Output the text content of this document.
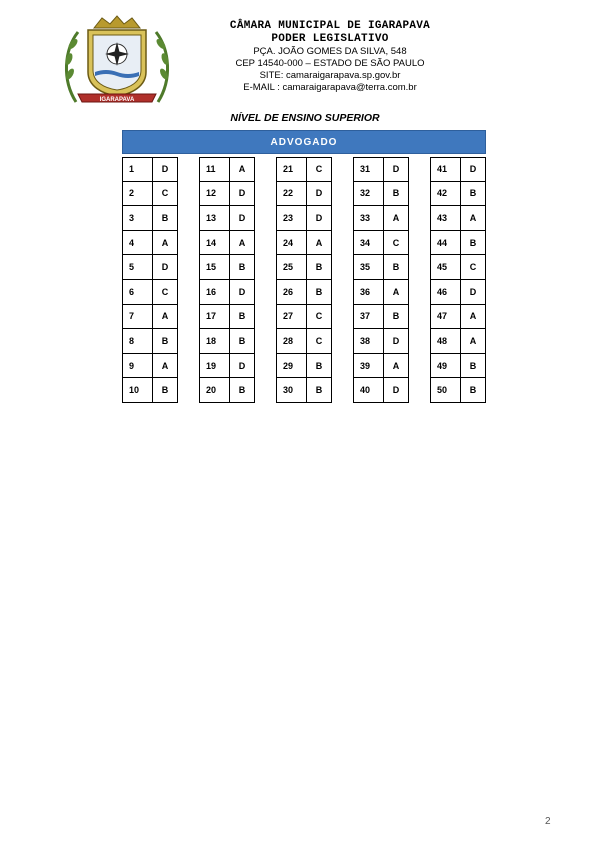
IGARAPAVA
CÂMARA MUNICIPAL DE IGARAPAVA
PODER LEGISLATIVO
PÇA. JOÃO GOMES DA SILVA, 548
CEP 14540-000 – ESTADO DE SÃO PAULO
SITE: camaraigarapava.sp.gov.br
E-MAIL : camaraigarapava@terra.com.br
NÍVEL DE ENSINO SUPERIOR
ADVOGADO
1	D
2	C
3	B
4	A
5	D
6	C
7	A
8	B
9	A
10	B
11	A
12	D
13	D
14	A
15	B
16	D
17	B
18	B
19	D
20	B
21	C
22	D
23	D
24	A
25	B
26	B
27	C
28	C
29	B
30	B
31	D
32	B
33	A
34	C
35	B
36	A
37	B
38	D
39	A
40	D
41	D
42	B
43	A
44	B
45	C
46	D
47	A
48	A
49	B
50	B
2
